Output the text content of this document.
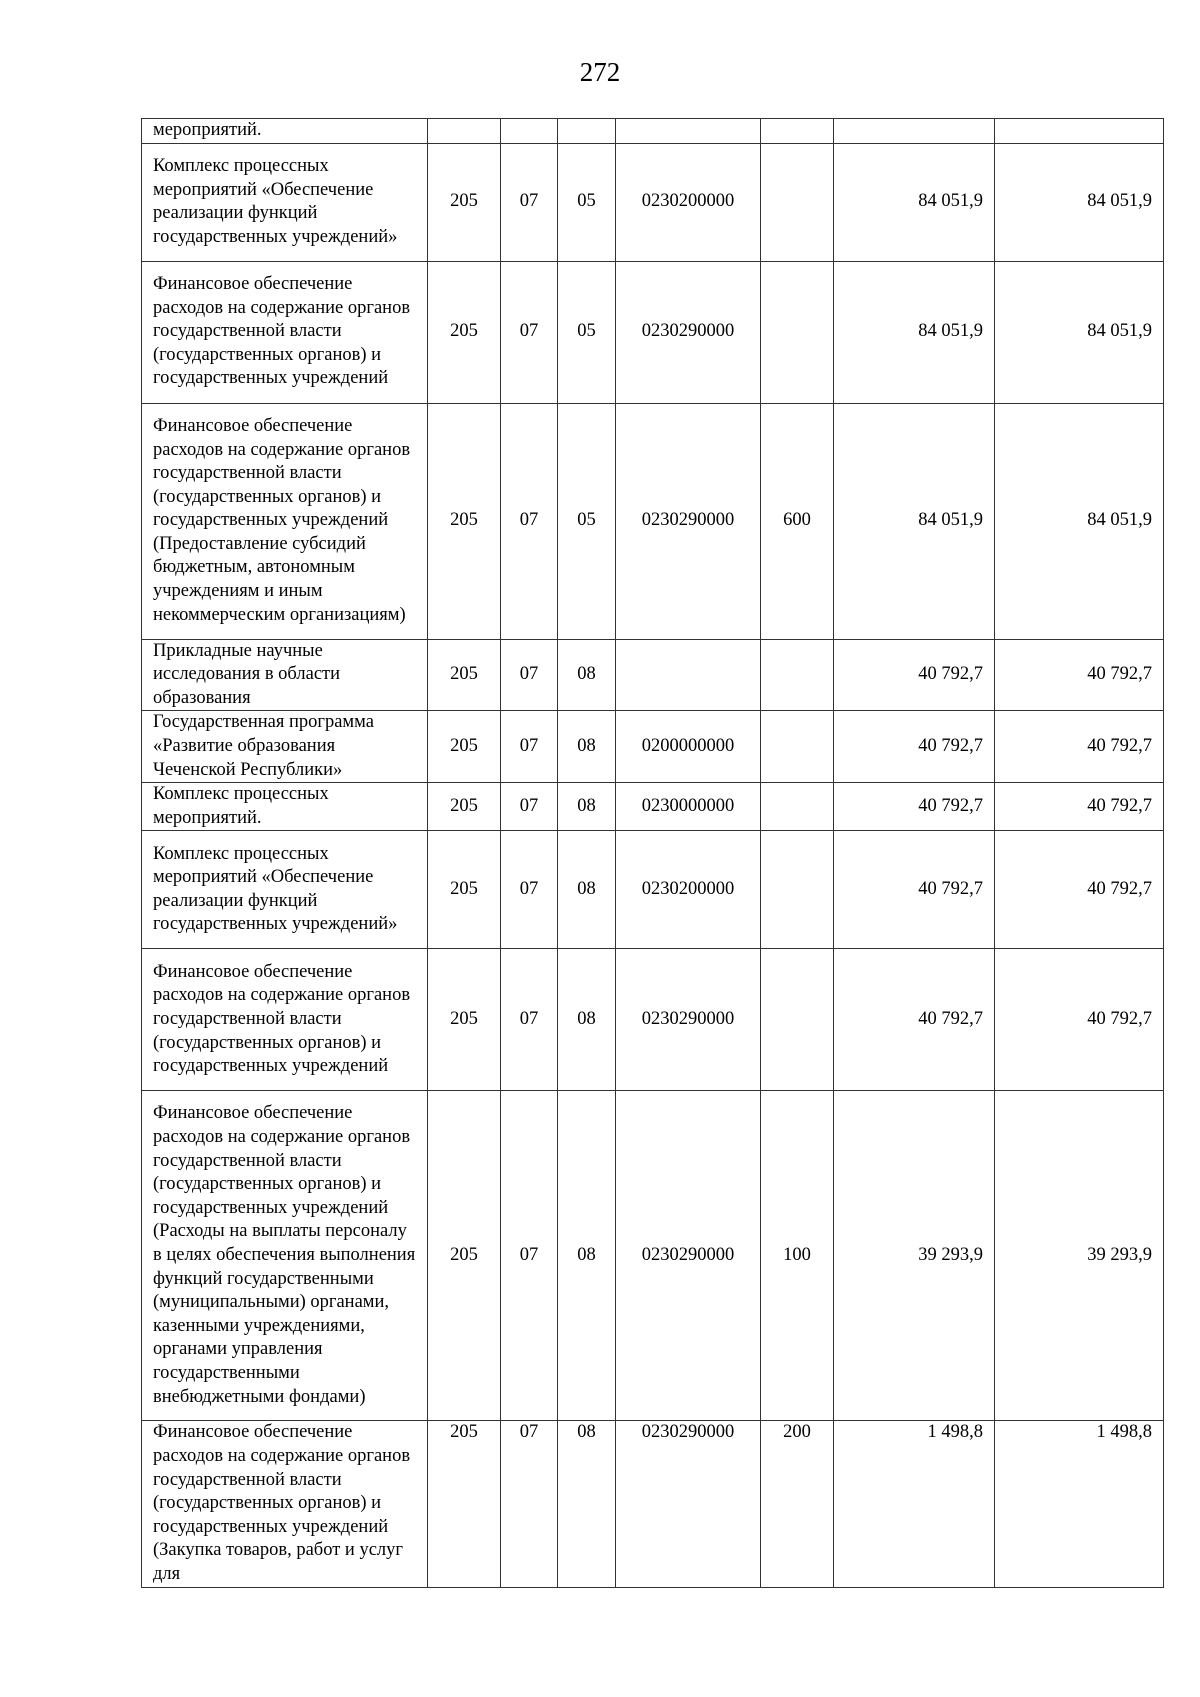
272
мероприятий.							
Комплекс процессных мероприятий «Обеспечение реализации функций государственных учреждений»	205	07	05	0230200000		84 051,9	84 051,9
Финансовое обеспечение расходов на содержание органов государственной власти (государственных органов) и государственных учреждений	205	07	05	0230290000		84 051,9	84 051,9
Финансовое обеспечение расходов на содержание органов государственной власти (государственных органов) и государственных учреждений (Предоставление субсидий бюджетным, автономным учреждениям и иным некоммерческим организациям)	205	07	05	0230290000	600	84 051,9	84 051,9
Прикладные научные исследования в области образования	205	07	08			40 792,7	40 792,7
Государственная программа «Развитие образования Чеченской Республики»	205	07	08	0200000000		40 792,7	40 792,7
Комплекс процессных мероприятий.	205	07	08	0230000000		40 792,7	40 792,7
Комплекс процессных мероприятий «Обеспечение реализации функций государственных учреждений»	205	07	08	0230200000		40 792,7	40 792,7
Финансовое обеспечение расходов на содержание органов государственной власти (государственных органов) и государственных учреждений	205	07	08	0230290000		40 792,7	40 792,7
Финансовое обеспечение расходов на содержание органов государственной власти (государственных органов) и государственных учреждений (Расходы на выплаты персоналу в целях обеспечения выполнения функций государственными (муниципальными) органами, казенными учреждениями, органами управления государственными внебюджетными фондами)	205	07	08	0230290000	100	39 293,9	39 293,9
Финансовое обеспечение расходов на содержание органов государственной власти (государственных органов) и государственных учреждений (Закупка товаров, работ и услуг для	205	07	08	0230290000	200	1 498,8	1 498,8
